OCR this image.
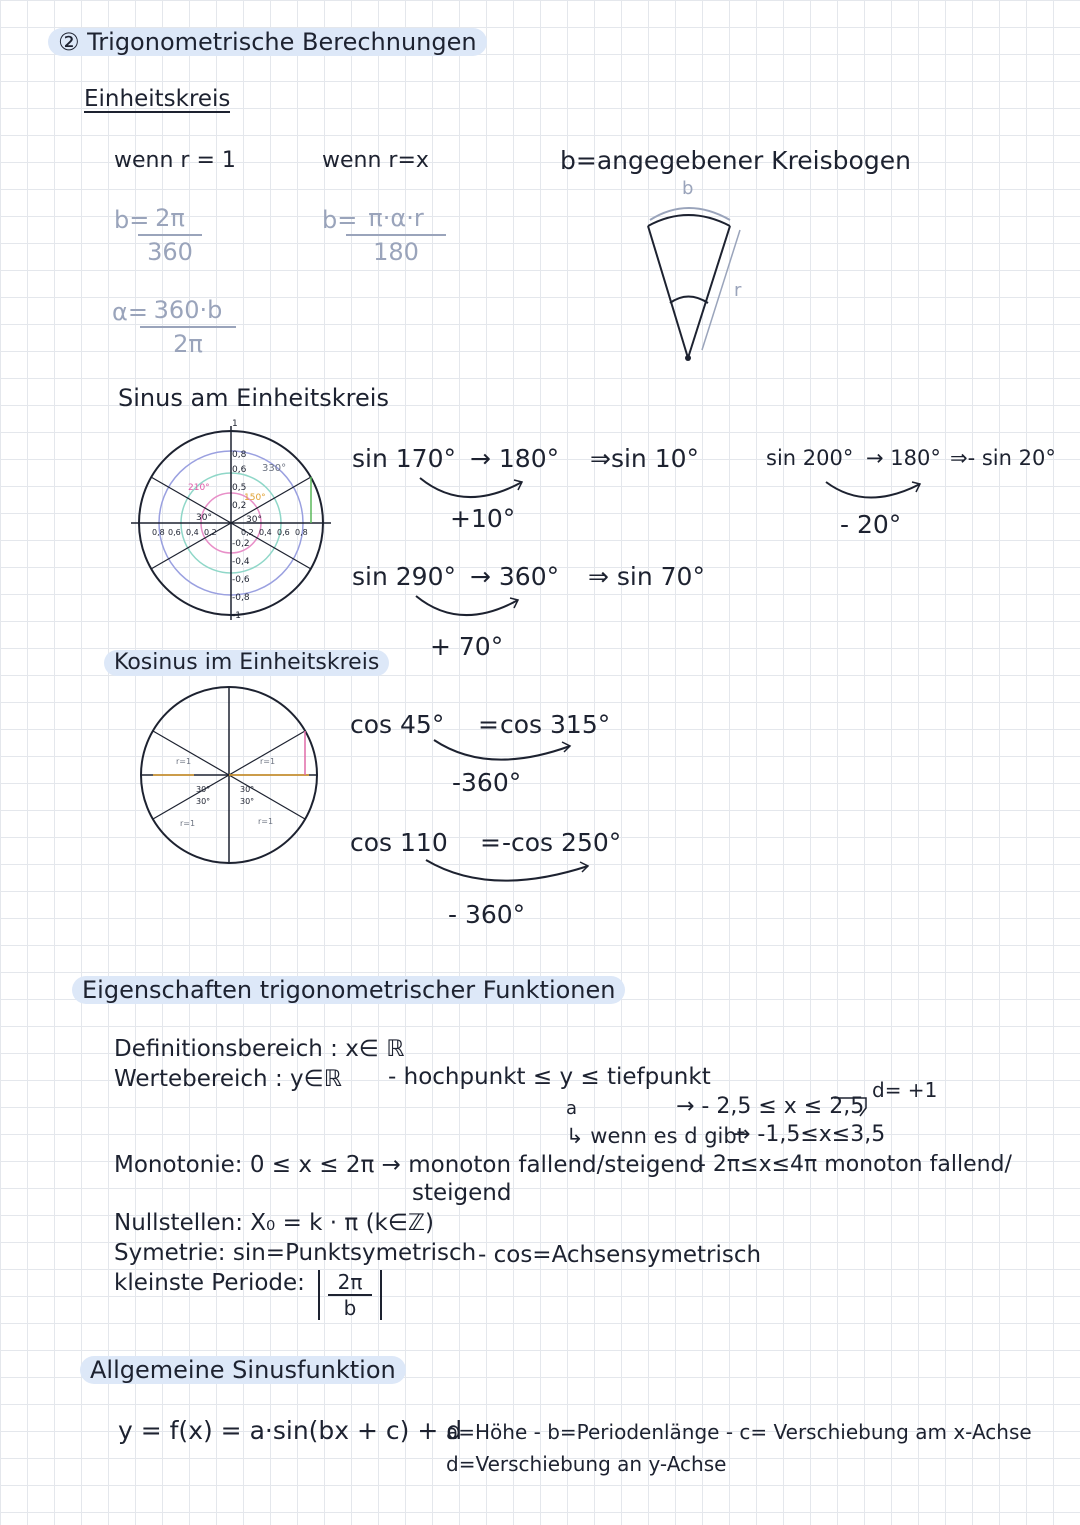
② Trigonometrische Berechnungen
Einheitskreis
wenn r = 1	wenn r=x	b=angegebener Kreisbogen
b=
$\frac{2\pi}{360}$	b=
$\frac{\pi\cdot\alpha\cdot r}{180}$
α=
$\frac{360\cdot b}{2\pi}$
b
r
Sinus am Einheitskreis
1
0,8
0,6
0,5
0,2
-0,2
-0,4
-0,6
-0,8
-1
0,8 0,6 0,4 0,2	0,2 0,4 0,6 0,8
330°
210°
150°
30°	30°
sin 170° → 180° ⇒sin 10°
+10°
sin 290° → 360° ⇒ sin 70°
+ 70°
sin 200° → 180° ⇒- sin 20°
- 20°
Kosinus im Einheitskreis
r=1
30°
30°
30°
30°
r=1
r=1	r=1
cos 45° = cos 315°
-360°
cos 110 = -cos 250°
- 360°
Eigenschaften trigonometrischer Funktionen
Definitionsbereich : x∈ ℝ
Wertebereich : y∈ℝ - hochpunkt ≤ y ≤ tiefpunkt
a	→ - 2,5 ≤ x ≤ 2,5
d= +1
↳ wenn es d gibt
→ -1,5≤x≤3,5
Monotonie: 0 ≤ x ≤ 2π → monoton fallend/steigend
- 2π≤x≤4π monoton fallend/
steigend
Nullstellen: X₀ = k · π (k∈ℤ)
Symetrie: sin=Punktsymetrisch - cos=Achsensymetrisch
kleinste Periode: $\frac{2\pi}{b}$
Allgemeine Sinusfunktion
y = f(x) = a·sin(bx + c) + d
a=Höhe - b=Periodenlänge - c= Verschiebung am x-Achse
d=Verschiebung an y-Achse
